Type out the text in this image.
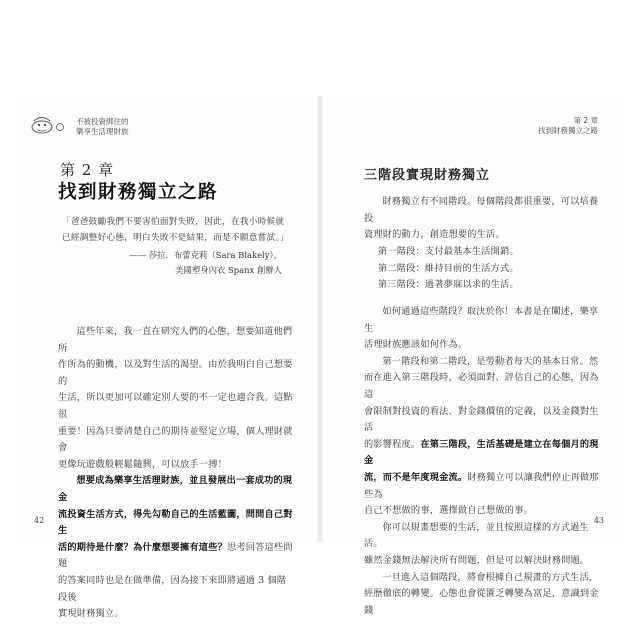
不被投資綁住的
樂享生活理財族
第 2 章
找到財務獨立之路

「爸爸鼓勵我們不要害怕面對失敗，因此，在我小時候就

已經調整好心態，明白失敗不是結果，而是不願意嘗試。」

—— 莎拉．布蕾克莉（Sara Blakely），
美國塑身內衣 Spanx 創辦人

這些年來，我一直在研究人們的心態，想要知道他們所

作所為的動機，以及對生活的渴望。由於我明白自己想要的

生活，所以更加可以確定別人要的不一定也適合我。這點很

重要！因為只要清楚自己的期待並堅定立場，個人理財就會

更像玩遊戲般輕鬆隨興，可以放手一搏！

想要成為樂享生活理財族，並且發展出一套成功的現金

流投資生活方式，得先勾勒自己的生活藍圖，問問自己對生

活的期待是什麼？為什麼想要擁有這些？思考回答這些問題

的答案同時也是在做準備，因為接下來即將通過 3 個階段後

實現財務獨立。

42
第 2 章
找到財務獨立之路
三階段實現財務獨立

財務獨立有不同階段。每個階段都很重要，可以培養投

資理財的動力，創造想要的生活。

第一階段：支付最基本生活開銷。

第二階段：維持目前的生活方式。

第三階段：過著夢寐以求的生活。

如何通過這些階段？取決於你！本書是在闡述，樂享生

活理財族應該如何作為。

第一階段和第二階段，是勞動者每天的基本日常。然

而在進入第三階段時，必須面對、評估自己的心態，因為這

會限制對投資的看法、對金錢價值的定義，以及金錢對生活

的影響程度。在第三階段，生活基礎是建立在每個月的現金

流，而不是年度現金流。財務獨立可以讓我們停止再做那些為

自己不想做的事，選擇做自己想做的事。

你可以規畫想要的生活，並且按照這樣的方式過生活。

雖然金錢無法解決所有問題，但是可以解決財務問題。

一旦進入這個階段，將會根據自己規畫的方式生活，

經歷徹底的轉變。心態也會從匱乏轉變為富足，意識到金錢

43
